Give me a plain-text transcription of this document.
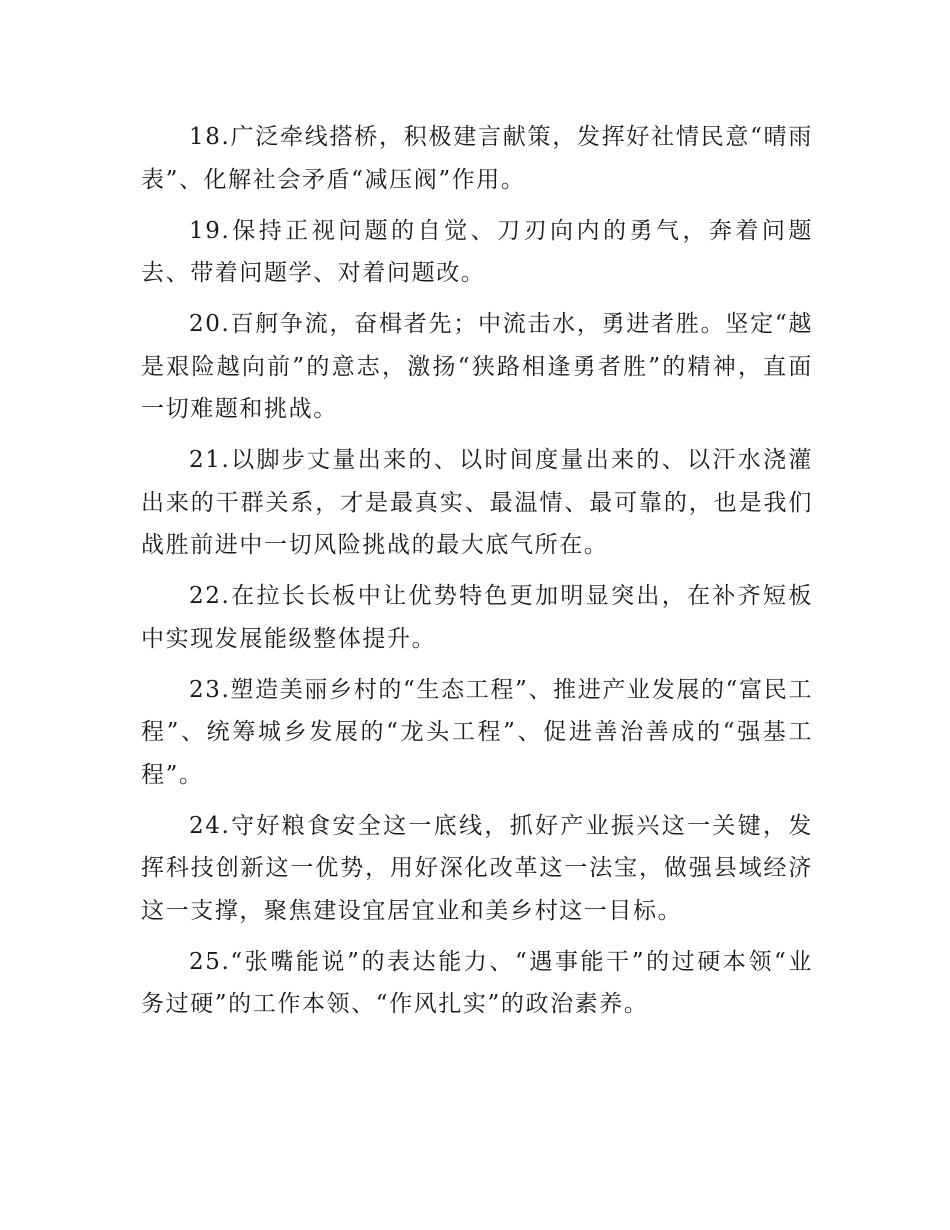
18.广泛牵线搭桥，积极建言献策，发挥好社情民意“晴雨表”、化解社会矛盾“减压阀”作用。

19.保持正视问题的自觉、刀刃向内的勇气，奔着问题去、带着问题学、对着问题改。

20.百舸争流，奋楫者先；中流击水，勇进者胜。坚定“越是艰险越向前”的意志，激扬“狭路相逢勇者胜”的精神，直面一切难题和挑战。

21.以脚步丈量出来的、以时间度量出来的、以汗水浇灌出来的干群关系，才是最真实、最温情、最可靠的，也是我们战胜前进中一切风险挑战的最大底气所在。

22.在拉长长板中让优势特色更加明显突出，在补齐短板中实现发展能级整体提升。

23.塑造美丽乡村的“生态工程”、推进产业发展的“富民工程”、统筹城乡发展的“龙头工程”、促进善治善成的“强基工程”。

24.守好粮食安全这一底线，抓好产业振兴这一关键，发挥科技创新这一优势，用好深化改革这一法宝，做强县域经济这一支撑，聚焦建设宜居宜业和美乡村这一目标。

25.“张嘴能说”的表达能力、“遇事能干”的过硬本领“业务过硬”的工作本领、“作风扎实”的政治素养。
